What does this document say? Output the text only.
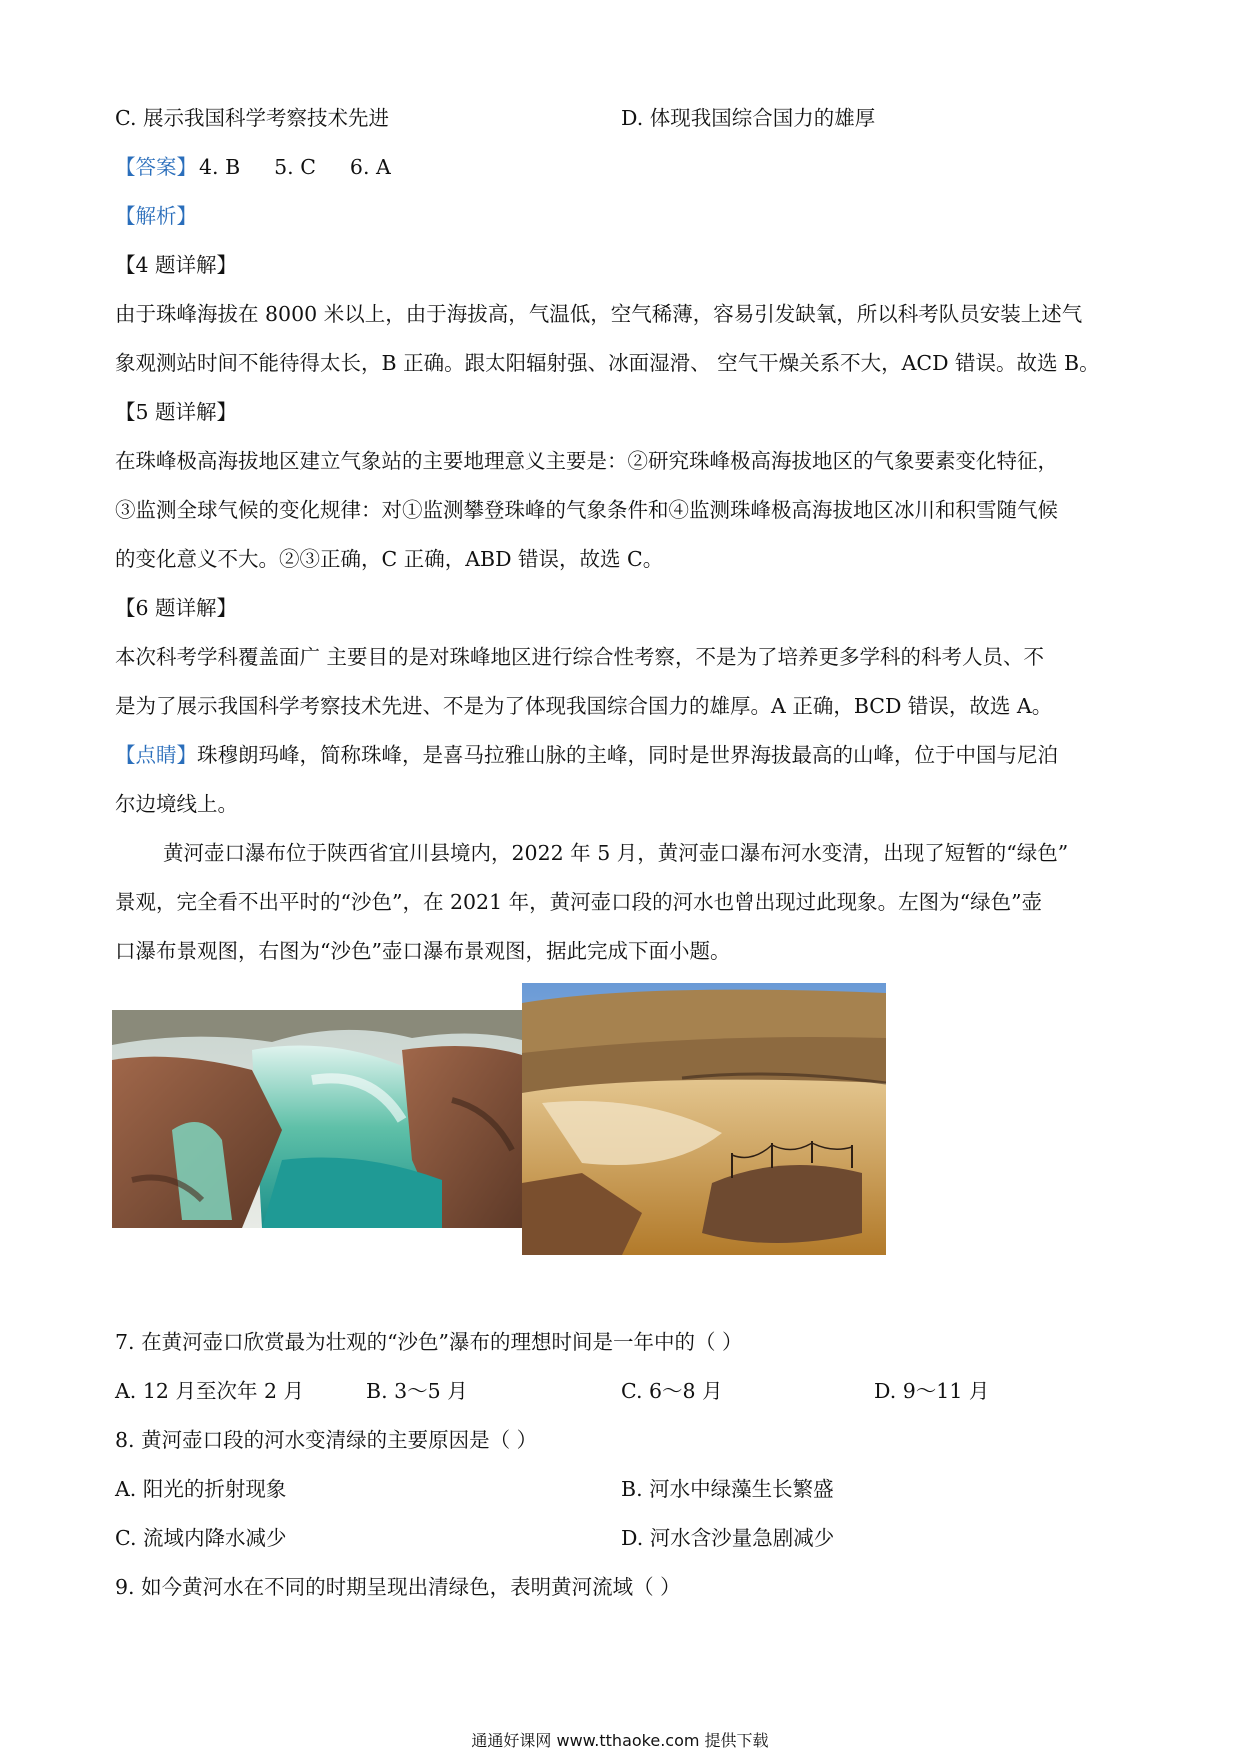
C. 展示我国科学考察技术先进	D. 体现我国综合国力的雄厚
【答案】4. B 5. C 6. A
【解析】
【4 题详解】
由于珠峰海拔在 8000 米以上，由于海拔高，气温低，空气稀薄，容易引发缺氧，所以科考队员安装上述气
象观测站时间不能待得太长，B 正确。跟太阳辐射强、冰面湿滑、 空气干燥关系不大，ACD 错误。故选 B。
【5 题详解】
在珠峰极高海拔地区建立气象站的主要地理意义主要是：②研究珠峰极高海拔地区的气象要素变化特征，
③监测全球气候的变化规律：对①监测攀登珠峰的气象条件和④监测珠峰极高海拔地区冰川和积雪随气候
的变化意义不大。②③正确，C 正确，ABD 错误，故选 C。
【6 题详解】
本次科考学科覆盖面广 主要目的是对珠峰地区进行综合性考察，不是为了培养更多学科的科考人员、不
是为了展示我国科学考察技术先进、不是为了体现我国综合国力的雄厚。A 正确，BCD 错误，故选 A。
【点睛】珠穆朗玛峰，简称珠峰，是喜马拉雅山脉的主峰，同时是世界海拔最高的山峰，位于中国与尼泊
尔边境线上。
黄河壶口瀑布位于陕西省宜川县境内，2022 年 5 月，黄河壶口瀑布河水变清，出现了短暂的“绿色”
景观，完全看不出平时的“沙色”，在 2021 年，黄河壶口段的河水也曾出现过此现象。左图为“绿色”壶
口瀑布景观图，右图为“沙色”壶口瀑布景观图，据此完成下面小题。
7. 在黄河壶口欣赏最为壮观的“沙色”瀑布的理想时间是一年中的（ ）
A. 12 月至次年 2 月	B. 3～5 月	C. 6～8 月	D. 9～11 月
8. 黄河壶口段的河水变清绿的主要原因是（ ）
A. 阳光的折射现象	B. 河水中绿藻生长繁盛
C. 流域内降水减少	D. 河水含沙量急剧减少
9. 如今黄河水在不同的时期呈现出清绿色，表明黄河流域（ ）
通通好课网 www.tthaoke.com 提供下载
